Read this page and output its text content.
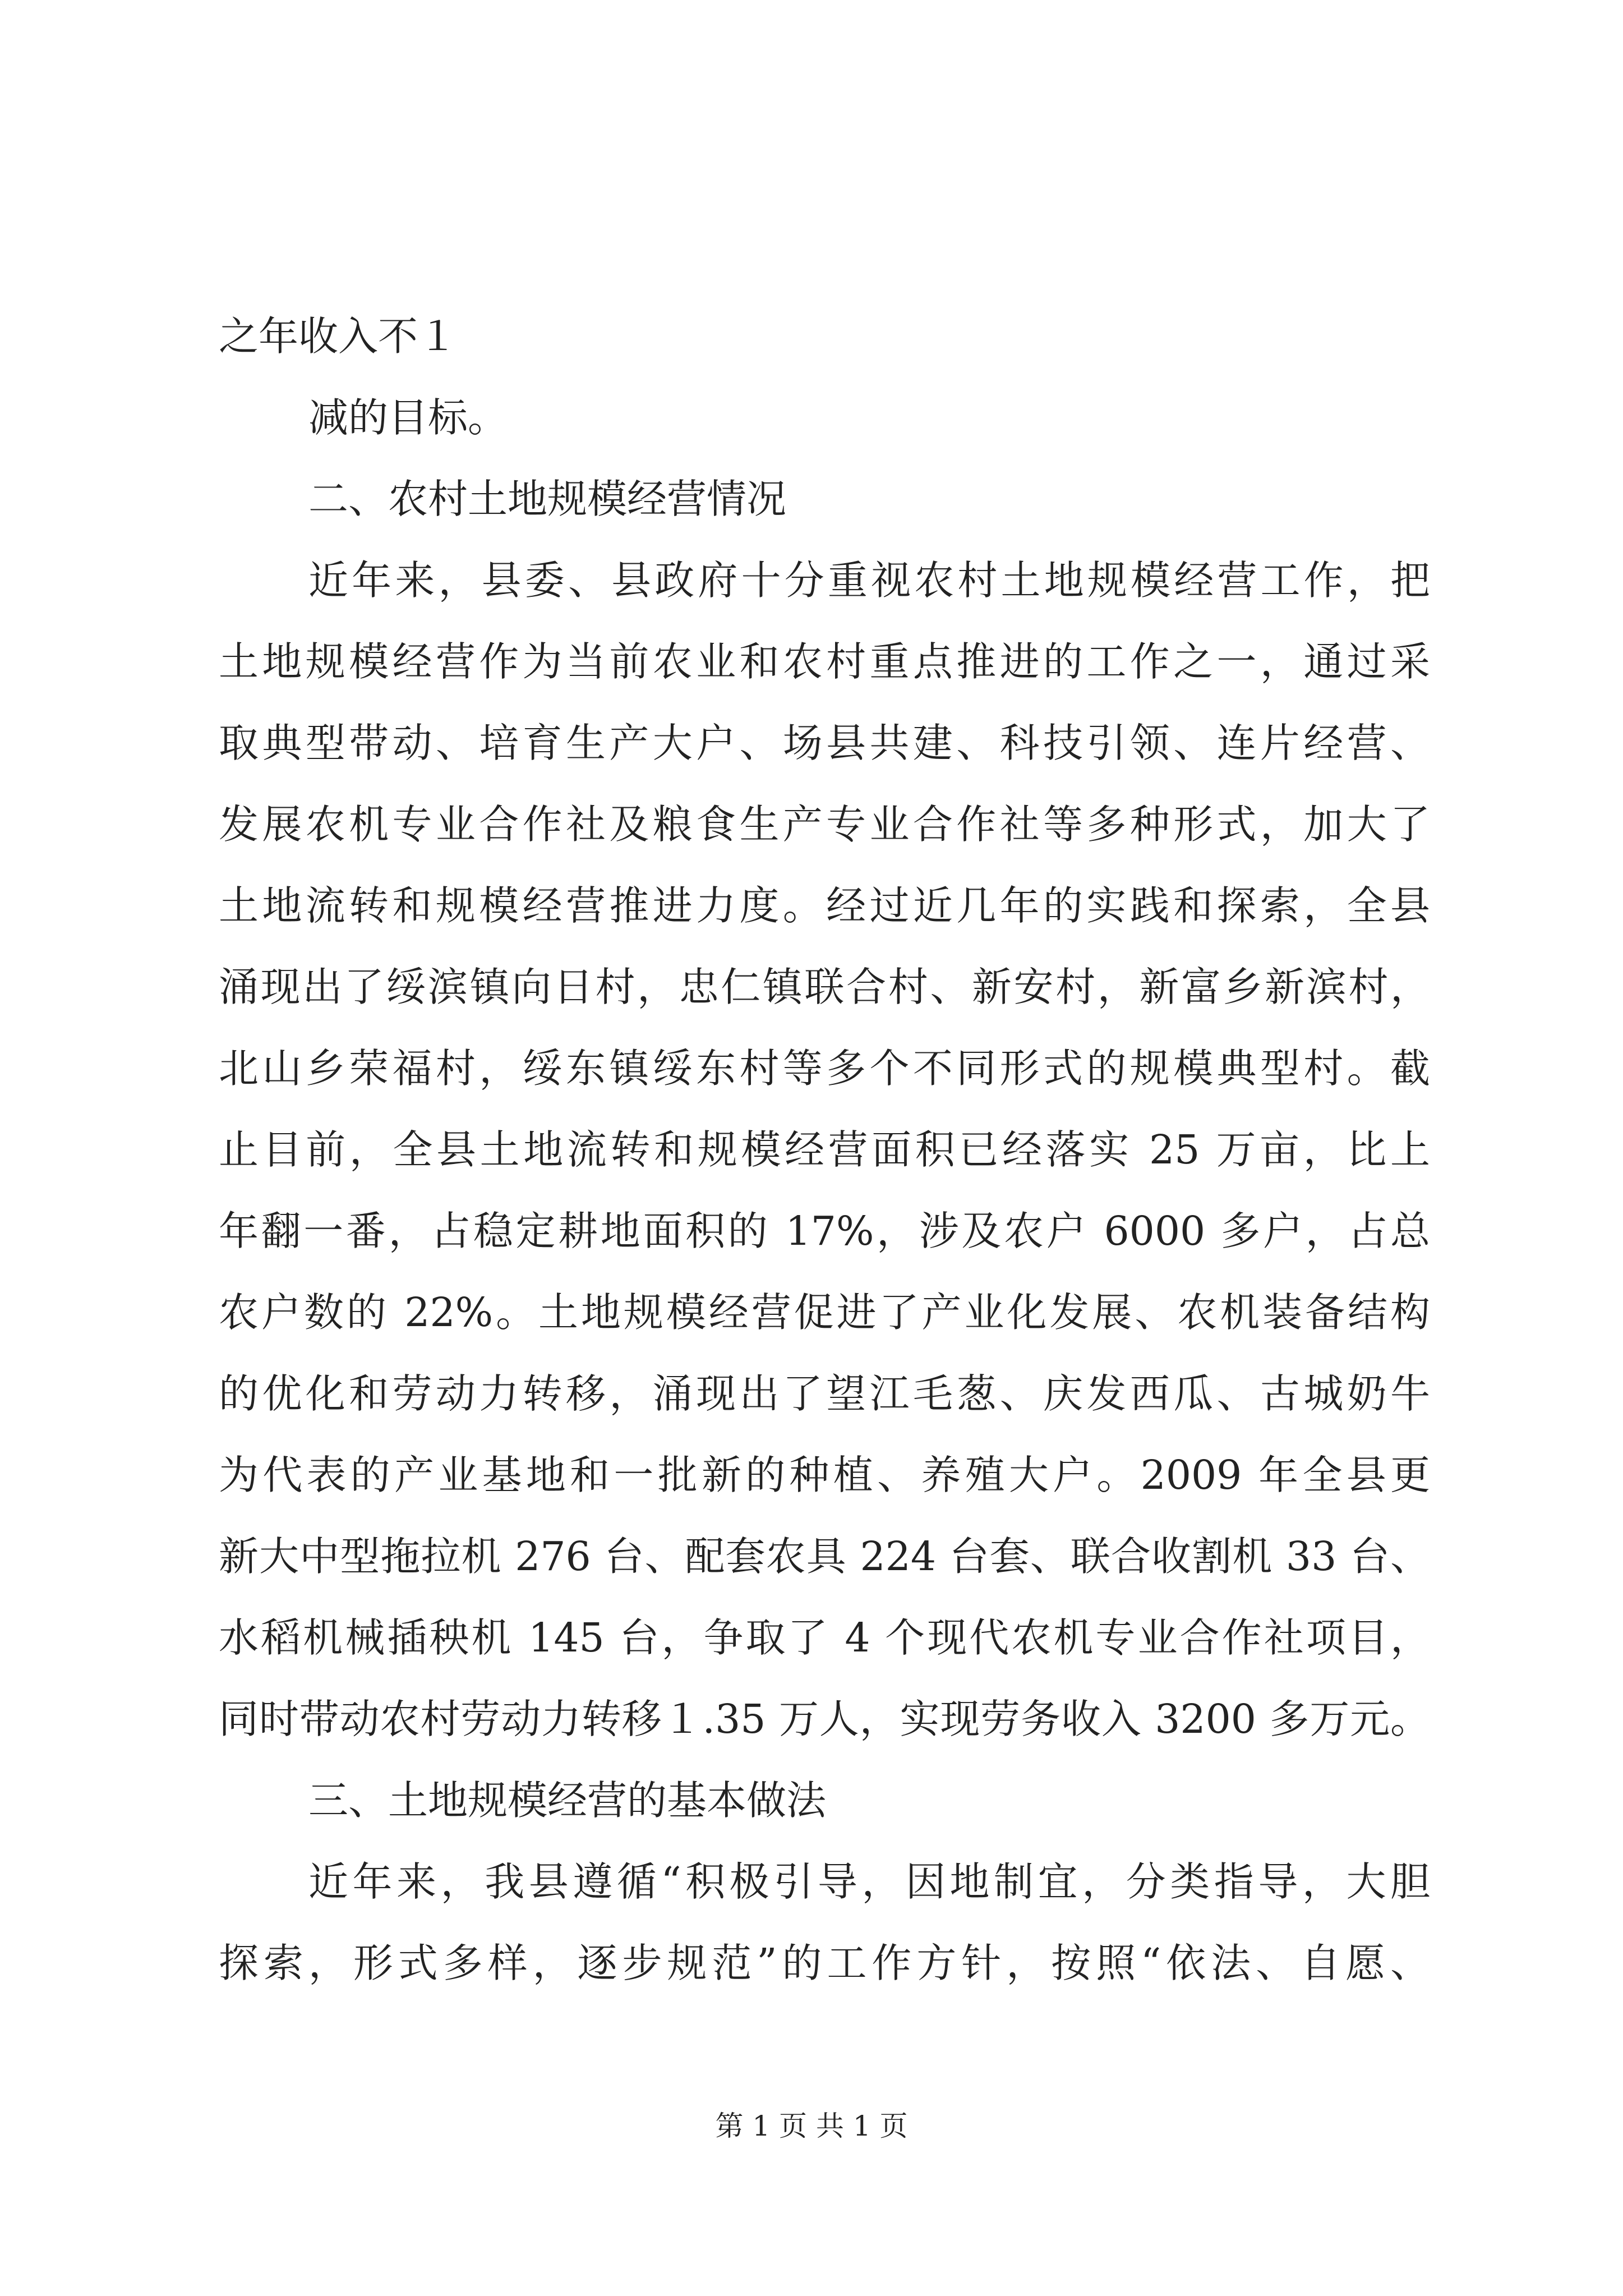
之年收入不１
减的目标。
二、农村土地规模经营情况
近年来，县委、县政府十分重视农村土地规模经营工作，把
土地规模经营作为当前农业和农村重点推进的工作之一，通过采
取典型带动、培育生产大户、场县共建、科技引领、连片经营、
发展农机专业合作社及粮食生产专业合作社等多种形式，加大了
土地流转和规模经营推进力度。经过近几年的实践和探索，全县
涌现出了绥滨镇向日村，忠仁镇联合村、新安村，新富乡新滨村，
北山乡荣福村，绥东镇绥东村等多个不同形式的规模典型村。截
止目前，全县土地流转和规模经营面积已经落实 25 万亩，比上
年翻一番，占稳定耕地面积的 17%，涉及农户 6000 多户，占总
农户数的 22%。土地规模经营促进了产业化发展、农机装备结构
的优化和劳动力转移，涌现出了望江毛葱、庆发西瓜、古城奶牛
为代表的产业基地和一批新的种植、养殖大户。2009 年全县更
新大中型拖拉机 276 台、配套农具 224 台套、联合收割机 33 台、
水稻机械插秧机 145 台，争取了 4 个现代农机专业合作社项目，
同时带动农村劳动力转移１.35 万人，实现劳务收入 3200 多万元。
三、土地规模经营的基本做法
近年来，我县遵循“积极引导，因地制宜，分类指导，大胆
探索，形式多样，逐步规范”的工作方针，按照“依法、自愿、
第 1 页 共 1 页
